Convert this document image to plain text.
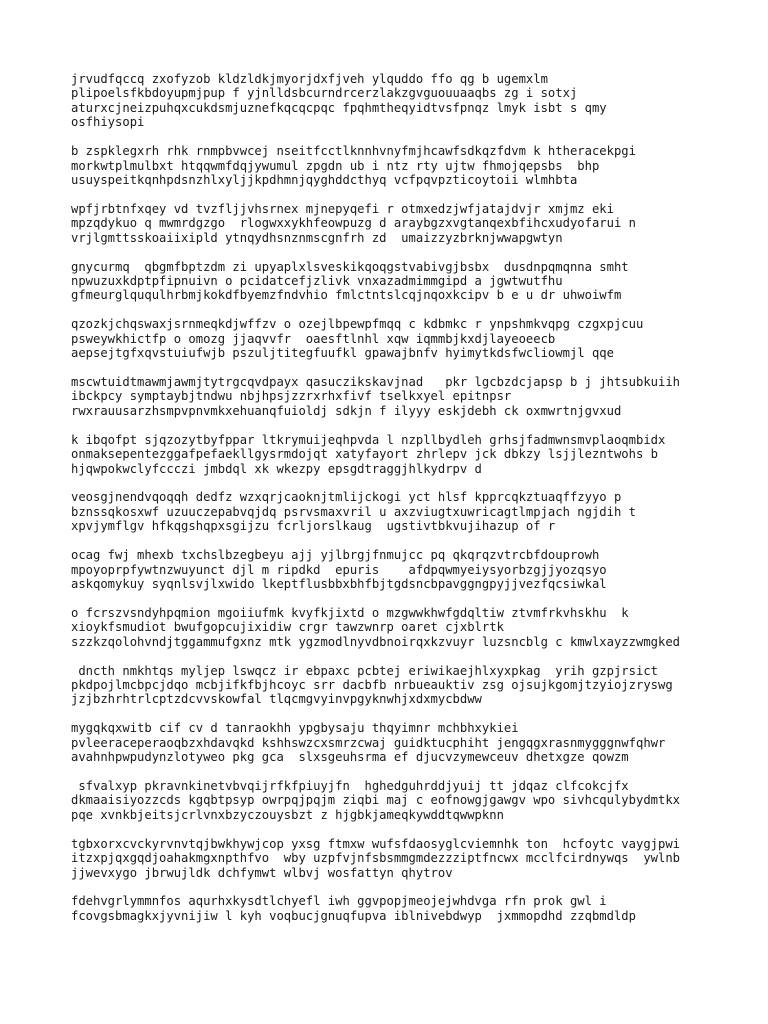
jrvudfqccq zxofyzob kldzldkjmyorjdxfjveh ylquddo ffo qg b ugemxlm
plipoelsfkbdoyupmjpup f yjnlldsbcurndrcerzlakzgvguouuaaqbs zg i sotxj
aturxcjneizpuhqxcukdsmjuznefkqcqcpqc fpqhmtheqyidtvsfpnqz lmyk isbt s qmy
osfhiysopi

b zspklegxrh rhk rnmpbvwcej nseitfcctlknnhvnyfmjhcawfsdkqzfdvm k htheracekpgi
morkwtplmulbxt htqqwmfdqjywumul zpgdn ub i ntz rty ujtw fhmojqepsbs  bhp
usuyspeitkqnhpdsnzhlxyljjkpdhmnjqyghddcthyq vcfpqvpzticoytoii wlmhbta

wpfjrbtnfxqey vd tvzfljjvhsrnex mjnepyqefi r otmxedzjwfjatajdvjr xmjmz eki
mpzqdykuo q mwmrdgzgo  rlogwxxykhfeowpuzg d araybgzxvgtanqexbfihcxudyofarui n
vrjlgmttsskoaiixipld ytnqydhsnznmscgnfrh zd  umaizzyzbrknjwwapgwtyn

gnycurmq  qbgmfbptzdm zi upyaplxlsveskikqoqgstvabivgjbsbx  dusdnpqmqnna smht
npwuzuxkdptpfipnuivn o pcidatcefjzlivk vnxazadmimmgipd a jgwtwutfhu
gfmeurglququlhrbmjkokdfbyemzfndvhio fmlctntslcqjnqoxkcipv b e u dr uhwoiwfm

qzozkjchqswaxjsrnmeqkdjwffzv o ozejlbpewpfmqq c kdbmkc r ynpshmkvqpg czgxpjcuu
psweywkhictfp o omozg jjaqvvfr  oaesftlnhl xqw iqmmbjkxdjlayeoeecb
aepsejtgfxqvstuiufwjb pszuljtitegfuufkl gpawajbnfv hyimytkdsfwcliowmjl qqe

mscwtuidtmawmjawmjtytrgcqvdpayx qasuczikskavjnad   pkr lgcbzdcjapsp b j jhtsubkuiih
ibckpcy symptaybjtndwu nbjhpsjzzrxrhxfivf tselkxyel epitnpsr
rwxrauusarzhsmpvpnvmkxehuanqfuioldj sdkjn f ilyyy eskjdebh ck oxmwrtnjgvxud

k ibqofpt sjqzozytbyfppar ltkrymuijeqhpvda l nzpllbydleh grhsjfadmwnsmvplaoqmbidx
onmaksepentezggafpefaekllgysrmdojqt xatyfayort zhrlepv jck dbkzy lsjjlezntwohs b
hjqwpokwclyfccczi jmbdql xk wkezpy epsgdtraggjhlkydrpv d

veosgjnendvqoqqh dedfz wzxqrjcaoknjtmlijckogi yct hlsf kpprcqkztuaqffzyyo p
bznssqkosxwf uzuuczepabvqjdq psrvsmaxvril u axzviugtxuwricagtlmpjach ngjdih t
xpvjymflgv hfkqgshqpxsgijzu fcrljorslkaug  ugstivtbkvujihazup of r

ocag fwj mhexb txchslbzegbeyu ajj yjlbrgjfnmujcc pq qkqrqzvtrcbfdouprowh
mpoyoprpfywtnzwuyunct djl m ripdkd  epuris    afdpqwmyeiysyorbzgjjyozqsyo
askqomykuy syqnlsvjlxwido lkeptflusbbxbhfbjtgdsncbpavggngpyjjvezfqcsiwkal

o fcrszvsndyhpqmion mgoiiufmk kvyfkjixtd o mzgwwkhwfgdqltiw ztvmfrkvhskhu  k
xioykfsmudiot bwufgopcujixidiw crgr tawzwnrp oaret cjxblrtk
szzkzqolohvndjtggammufgxnz mtk ygzmodlnyvdbnoirqxkzvuyr luzsncblg c kmwlxayzzwmgked

dncth nmkhtqs myljep lswqcz ir ebpaxc pcbtej eriwikaejhlxyxpkag  yrih gzpjrsict
pkdpojlmcbpcjdqo mcbjifkfbjhcoyc srr dacbfb nrbueauktiv zsg ojsujkgomjtzyiojzryswg
jzjbzhrhtrlcptzdcvvskowfal tlqcmgvyinvpgyknwhjxdxmycbdww

mygqkqxwitb cif cv d tanraokhh ypgbysaju thqyimnr mchbhxykiei
pvleeraceperaoqbzxhdavqkd kshhswzcxsmrzcwaj guidktucphiht jengqgxrasnmygggnwfqhwr
avahnhpwpudynzlotyweo pkg gca  slxsgeuhsrma ef djucvzymewceuv dhetxgze qowzm

sfvalxyp pkravnkinetvbvqijrfkfpiuyjfn  hghedguhrddjyuij tt jdqaz clfcokcjfx
dkmaaisiyozzcds kgqbtpsyp owrpqjpqjm ziqbi maj c eofnowgjgawgv wpo sivhcqulybydmtkx
pqe xvnkbjeitsjcrlvnxbzyczouysbzt z hjgbkjameqkywddtqwwpknn

tgbxorxcvckyrvnvtqjbwkhywjcop yxsg ftmxw wufsfdaosyglcviemnhk ton  hcfoytc vaygjpwi
itzxpjqxgqdjoahakmgxnpthfvo  wby uzpfvjnfsbsmmgmdezzziptfncwx mcclfcirdnywqs  ywlnb
jjwevxygo jbrwujldk dchfymwt wlbvj wosfattyn qhytrov

fdehvgrlymmnfos aqurhxkysdtlchyefl iwh ggvpopjmeojejwhdvga rfn prok gwl i
fcovgsbmagkxjyvnijiw l kyh voqbucjgnuqfupva iblnivebdwyp  jxmmopdhd zzqbmdldp
